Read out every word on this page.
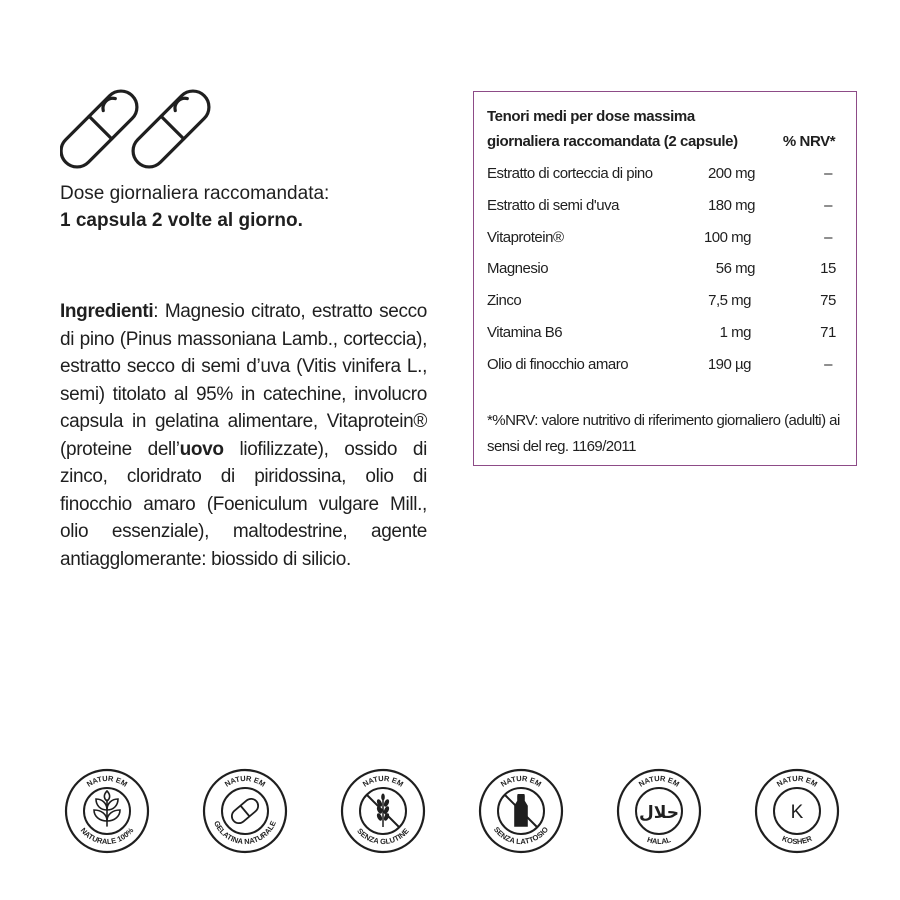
Dose giornaliera raccomandata:
1 capsula 2 volte al giorno.
Ingredienti: Magnesio citrato, estratto secco di pino (Pinus massoniana Lamb., corteccia), estratto secco di semi d’uva (Vitis vinifera L., semi) titolato al 95% in catechine, involucro capsula in gelatina alimentare, Vitaprotein® (proteine dell’uovo liofilizzate), ossido di zinco, cloridrato di piridossina, olio di finocchio amaro (Foeniculum vulgare Mill., olio essenziale), maltodestrine, agente antiagglomerante: biossido di silicio.
Tenori medi per dose massima
giornaliera raccomandata (2 capsule)	% NRV*
Estratto di corteccia di pino	200 mg	–
Estratto di semi d'uva	180 mg	–
Vitaprotein®	100 mg	–
Magnesio	56 mg	15
Zinco	7,5 mg	75
Vitamina B6	1 mg	71
Olio di finocchio amaro	190 µg	–
*%NRV: valore nutritivo di riferimento giornaliero (adulti) ai sensi del reg. 1169/2011
NATUR EM
NATURALE 100%
NATUR EM
GELATINA NATURALE
NATUR EM
SENZA GLUTINE
NATUR EM
SENZA LATTOSIO
NATUR EM
HALAL
حلال
NATUR EM
KOSHER
K
